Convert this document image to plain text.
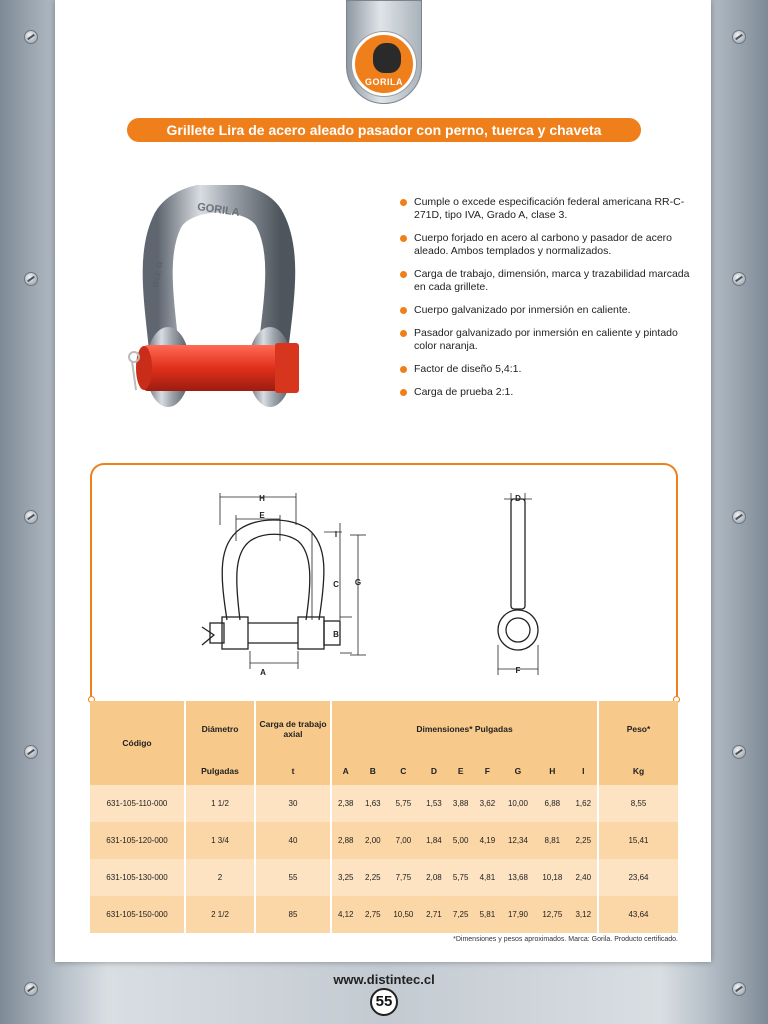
GORILA
Grillete Lira de acero aleado pasador con perno, tuerca y chaveta
GORILA
WLL 4t
Cumple o excede especificación federal americana RR-C-271D, tipo IVA, Grado A, clase 3.
Cuerpo forjado en acero al carbono y pasador de acero aleado. Ambos templados y normalizados.
Carga de trabajo, dimensión, marca y trazabilidad marcada en cada grillete.
Cuerpo galvanizado por inmersión en caliente.
Pasador galvanizado por inmersión en caliente y pintado color naranja.
Factor de diseño 5,4:1.
Carga de prueba 2:1.
H
E
I
C G
B
A
D
F
Código	Diámetro	Carga de trabajo axial	Dimensiones* Pulgadas									Peso*
	Pulgadas	t	A	B	C	D	E	F	G	H	I	Kg
631-105-110-000	1 1/2	30	2,38	1,63	5,75	1,53	3,88	3,62	10,00	6,88	1,62	8,55
631-105-120-000	1 3/4	40	2,88	2,00	7,00	1,84	5,00	4,19	12,34	8,81	2,25	15,41
631-105-130-000	2	55	3,25	2,25	7,75	2,08	5,75	4,81	13,68	10,18	2,40	23,64
631-105-150-000	2 1/2	85	4,12	2,75	10,50	2,71	7,25	5,81	17,90	12,75	3,12	43,64
*Dimensiones y pesos aproximados. Marca: Gorila. Producto certificado.
www.distintec.cl
55
